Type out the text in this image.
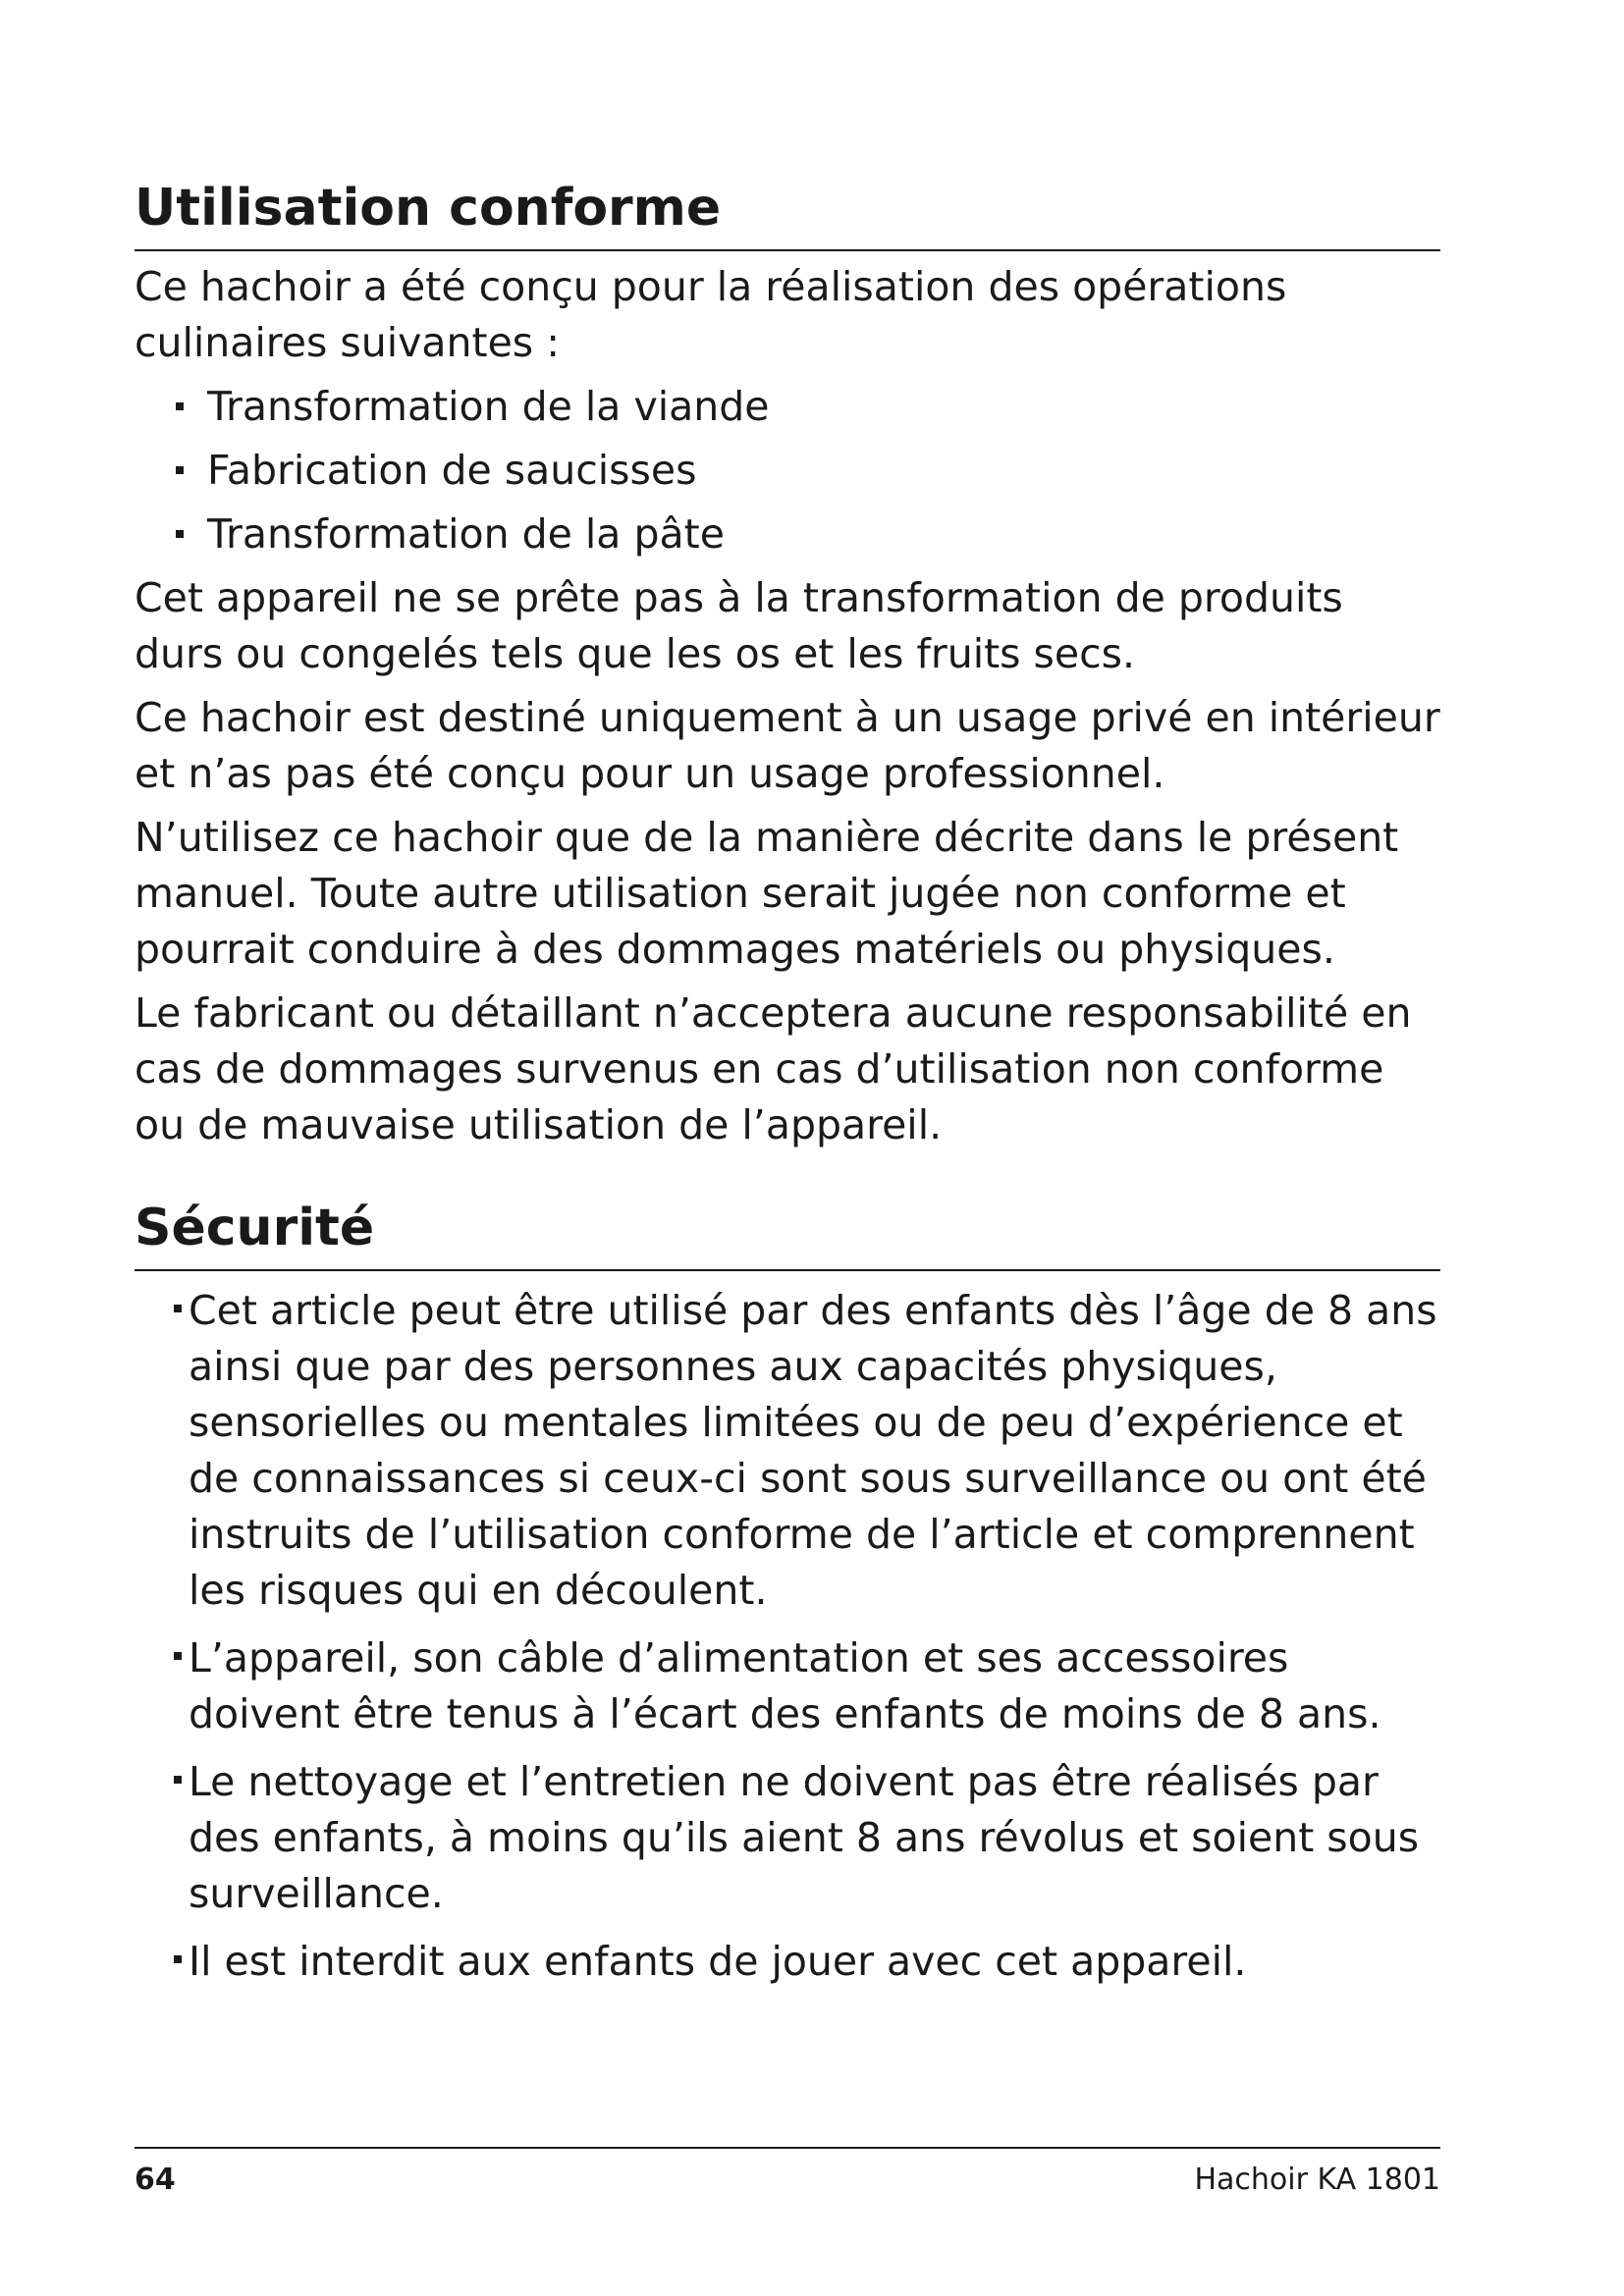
Utilisation conforme

Ce hachoir a été conçu pour la réalisation des opérations culinaires suivantes :

Transformation de la viande
Fabrication de saucisses
Transformation de la pâte

Cet appareil ne se prête pas à la transformation de produits durs ou congelés tels que les os et les fruits secs.

Ce hachoir est destiné uniquement à un usage privé en intérieur et n’as pas été conçu pour un usage professionnel.

N’utilisez ce hachoir que de la manière décrite dans le présent manuel. Toute autre utilisation serait jugée non conforme et pourrait conduire à des dommages matériels ou physiques.

Le fabricant ou détaillant n’acceptera aucune responsabilité en cas de dommages survenus en cas d’utilisation non conforme ou de mauvaise utilisation de l’appareil.

Sécurité
Cet article peut être utilisé par des enfants dès l’âge de 8 ans ainsi que par des personnes aux capacités physiques, sensorielles ou mentales limitées ou de peu d’expérience et de connaissances si ceux-ci sont sous surveillance ou ont été instruits de l’utilisation conforme de l’article et comprennent les risques qui en découlent.
L’appareil, son câble d’alimentation et ses accessoires doivent être tenus à l’écart des enfants de moins de 8 ans.
Le nettoyage et l’entretien ne doivent pas être réalisés par des enfants, à moins qu’ils aient 8 ans révolus et soient sous surveillance.
Il est interdit aux enfants de jouer avec cet appareil.
64	Hachoir KA 1801
